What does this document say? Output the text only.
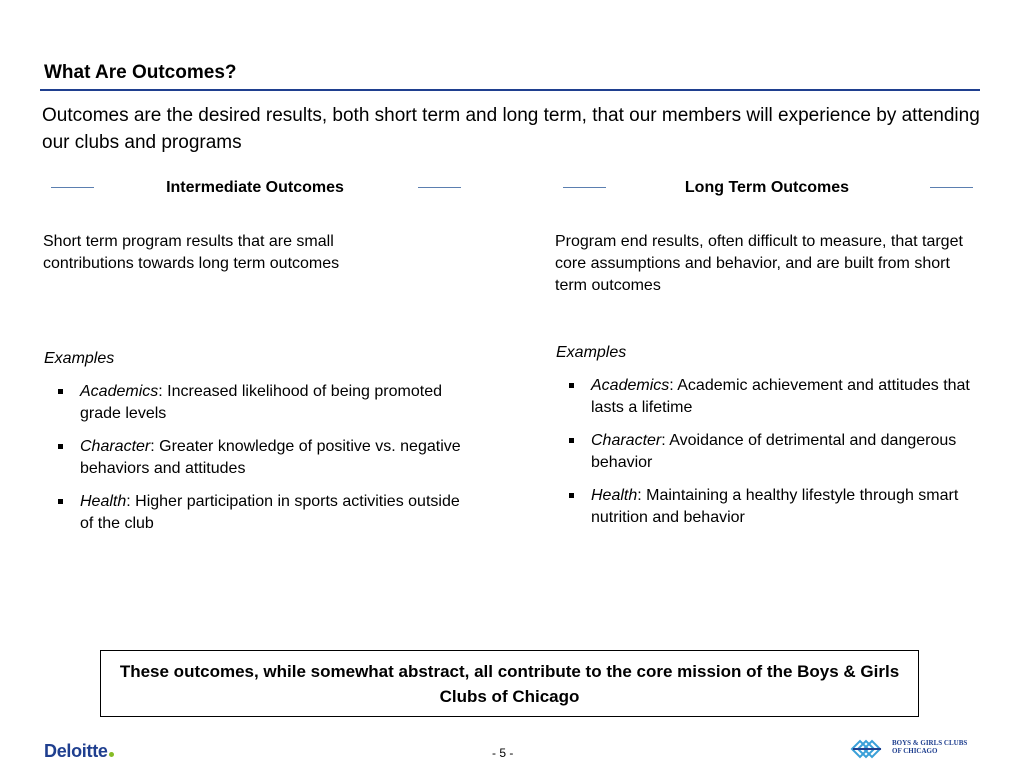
What Are Outcomes?
Outcomes are the desired results, both short term and long term, that our members will experience by attending our clubs and programs
Intermediate Outcomes
Short term program results that are small contributions towards long term outcomes
Examples
Academics: Increased likelihood of being promoted grade levels
Character: Greater knowledge of positive vs. negative behaviors and attitudes
Health: Higher participation in sports activities outside of the club
Long Term Outcomes
Program end results, often difficult to measure, that target core assumptions and behavior, and are built from short term outcomes
Examples
Academics: Academic achievement and attitudes that lasts a lifetime
Character: Avoidance of detrimental and dangerous behavior
Health: Maintaining a healthy lifestyle through smart nutrition and behavior
These outcomes, while somewhat abstract, all contribute to the core mission of the Boys & Girls Clubs of Chicago
Deloitte	- 5 -
BOYS & GIRLS CLUBS
OF CHICAGO
